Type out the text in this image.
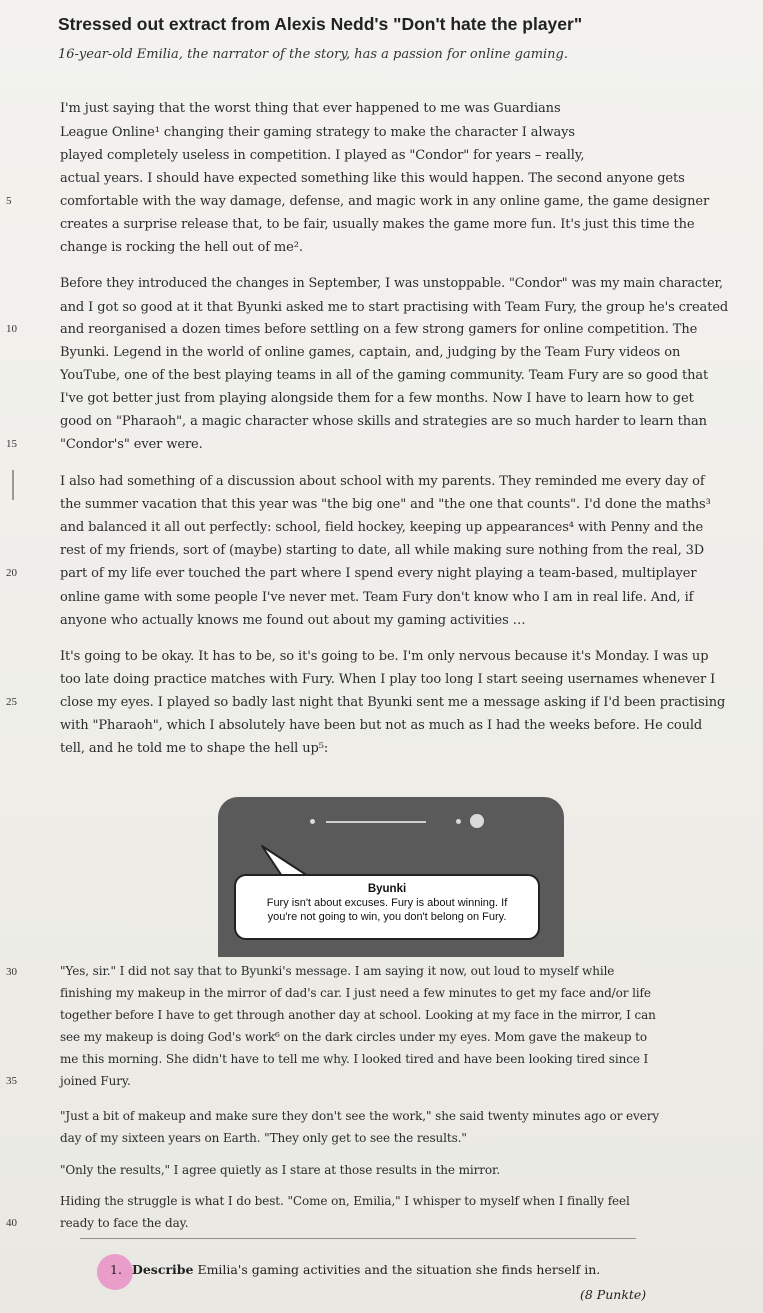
Stressed out extract from Alexis Nedd's "Don't hate the player"
16-year-old Emilia, the narrator of the story, has a passion for online gaming.
I'm just saying that the worst thing that ever happened to me was Guardians
League Online¹ changing their gaming strategy to make the character I always
played completely useless in competition. I played as "Condor" for years – really,
actual years. I should have expected something like this would happen. The second anyone gets
5	comfortable with the way damage, defense, and magic work in any online game, the game designer
creates a surprise release that, to be fair, usually makes the game more fun. It's just this time the
change is rocking the hell out of me².
Before they introduced the changes in September, I was unstoppable. "Condor" was my main character,
and I got so good at it that Byunki asked me to start practising with Team Fury, the group he's created
10	and reorganised a dozen times before settling on a few strong gamers for online competition. The
Byunki. Legend in the world of online games, captain, and, judging by the Team Fury videos on
YouTube, one of the best playing teams in all of the gaming community. Team Fury are so good that
I've got better just from playing alongside them for a few months. Now I have to learn how to get
good on "Pharaoh", a magic character whose skills and strategies are so much harder to learn than
15	"Condor's" ever were.
I also had something of a discussion about school with my parents. They reminded me every day of
the summer vacation that this year was "the big one" and "the one that counts". I'd done the maths³
and balanced it all out perfectly: school, field hockey, keeping up appearances⁴ with Penny and the
rest of my friends, sort of (maybe) starting to date, all while making sure nothing from the real, 3D
20	part of my life ever touched the part where I spend every night playing a team-based, multiplayer
online game with some people I've never met. Team Fury don't know who I am in real life. And, if
anyone who actually knows me found out about my gaming activities …
It's going to be okay. It has to be, so it's going to be. I'm only nervous because it's Monday. I was up
too late doing practice matches with Fury. When I play too long I start seeing usernames whenever I
25	close my eyes. I played so badly last night that Byunki sent me a message asking if I'd been practising
with "Pharaoh", which I absolutely have been but not as much as I had the weeks before. He could
tell, and he told me to shape the hell up⁵:
Byunki
Fury isn't about excuses. Fury is about winning. If
you're not going to win, you don't belong on Fury.
30	"Yes, sir." I did not say that to Byunki's message. I am saying it now, out loud to myself while
finishing my makeup in the mirror of dad's car. I just need a few minutes to get my face and/or life
together before I have to get through another day at school. Looking at my face in the mirror, I can
see my makeup is doing God's work⁶ on the dark circles under my eyes. Mom gave the makeup to
me this morning. She didn't have to tell me why. I looked tired and have been looking tired since I
35	joined Fury.
"Just a bit of makeup and make sure they don't see the work," she said twenty minutes ago or every
day of my sixteen years on Earth. "They only get to see the results."
"Only the results," I agree quietly as I stare at those results in the mirror.
Hiding the struggle is what I do best. "Come on, Emilia," I whisper to myself when I finally feel
40	ready to face the day.
1. Describe Emilia's gaming activities and the situation she finds herself in.
(8 Punkte)
